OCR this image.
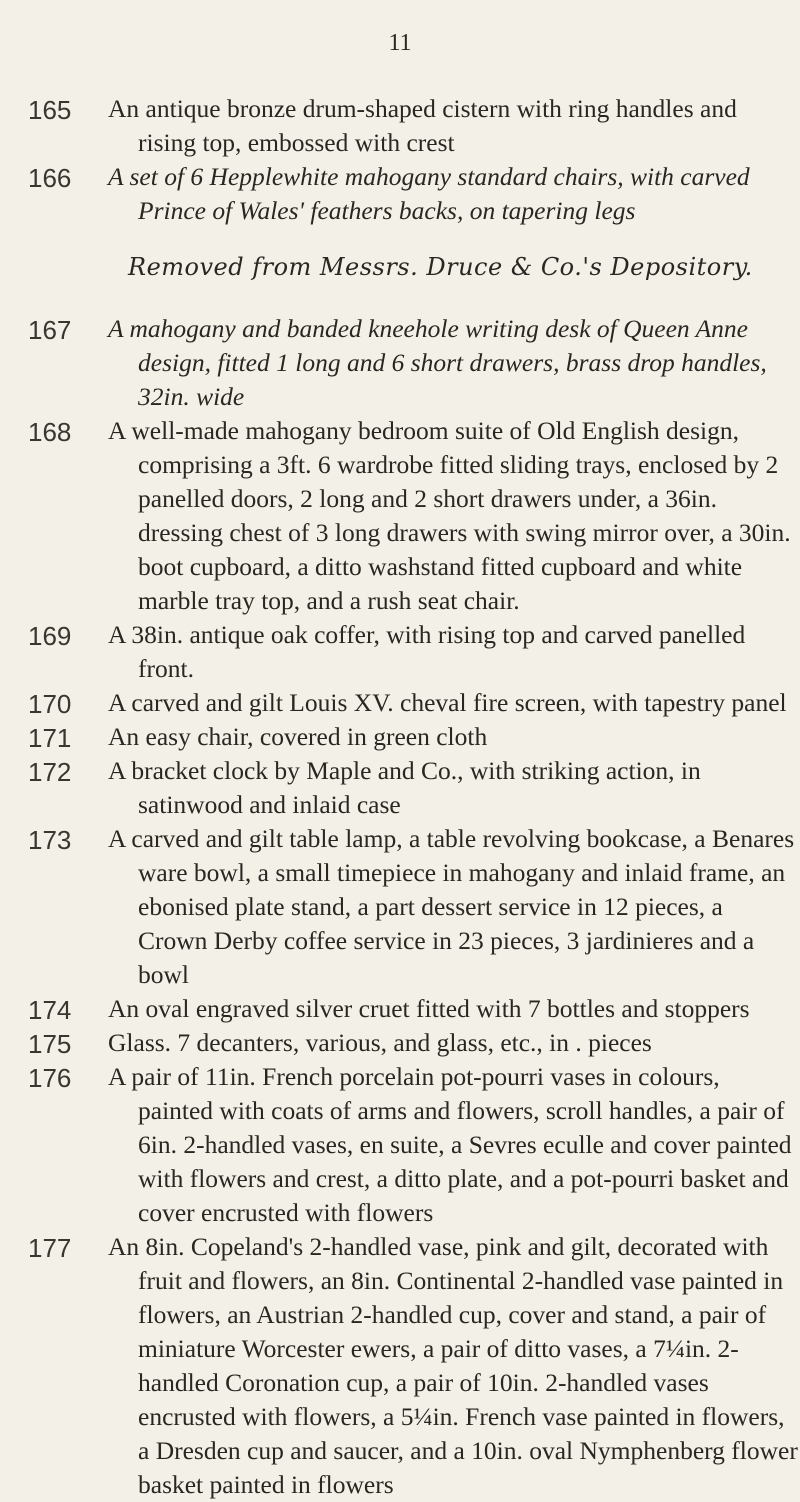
11
165	An antique bronze drum-shaped cistern with ring handles and rising top, embossed with crest
166	A set of 6 Hepplewhite mahogany standard chairs, with carved Prince of Wales' feathers backs, on tapering legs
Removed from Messrs. Druce & Co.'s Depository.
167	A mahogany and banded kneehole writing desk of Queen Anne design, fitted 1 long and 6 short drawers, brass drop handles, 32in. wide
168	A well-made mahogany bedroom suite of Old English design, comprising a 3ft. 6 wardrobe fitted sliding trays, enclosed by 2 panelled doors, 2 long and 2 short drawers under, a 36in. dressing chest of 3 long drawers with swing mirror over, a 30in. boot cupboard, a ditto washstand fitted cupboard and white marble tray top, and a rush seat chair.
169	A 38in. antique oak coffer, with rising top and carved panelled front.
170	A carved and gilt Louis XV. cheval fire screen, with tapestry panel
171	An easy chair, covered in green cloth
172	A bracket clock by Maple and Co., with striking action, in satinwood and inlaid case
173	A carved and gilt table lamp, a table revolving bookcase, a Benares ware bowl, a small timepiece in mahogany and inlaid frame, an ebonised plate stand, a part dessert service in 12 pieces, a Crown Derby coffee service in 23 pieces, 3 jardinieres and a bowl
174	An oval engraved silver cruet fitted with 7 bottles and stoppers
175	Glass. 7 decanters, various, and glass, etc., in . pieces
176	A pair of 11in. French porcelain pot-pourri vases in colours, painted with coats of arms and flowers, scroll handles, a pair of 6in. 2-handled vases, en suite, a Sevres eculle and cover painted with flowers and crest, a ditto plate, and a pot-pourri basket and cover encrusted with flowers
177	An 8in. Copeland's 2-handled vase, pink and gilt, decorated with fruit and flowers, an 8in. Continental 2-handled vase painted in flowers, an Austrian 2-handled cup, cover and stand, a pair of miniature Worcester ewers, a pair of ditto vases, a 7¼in. 2-handled Coronation cup, a pair of 10in. 2-handled vases encrusted with flowers, a 5¼in. French vase painted in flowers, a Dresden cup and saucer, and a 10in. oval Nymphenberg flower basket painted in flowers
